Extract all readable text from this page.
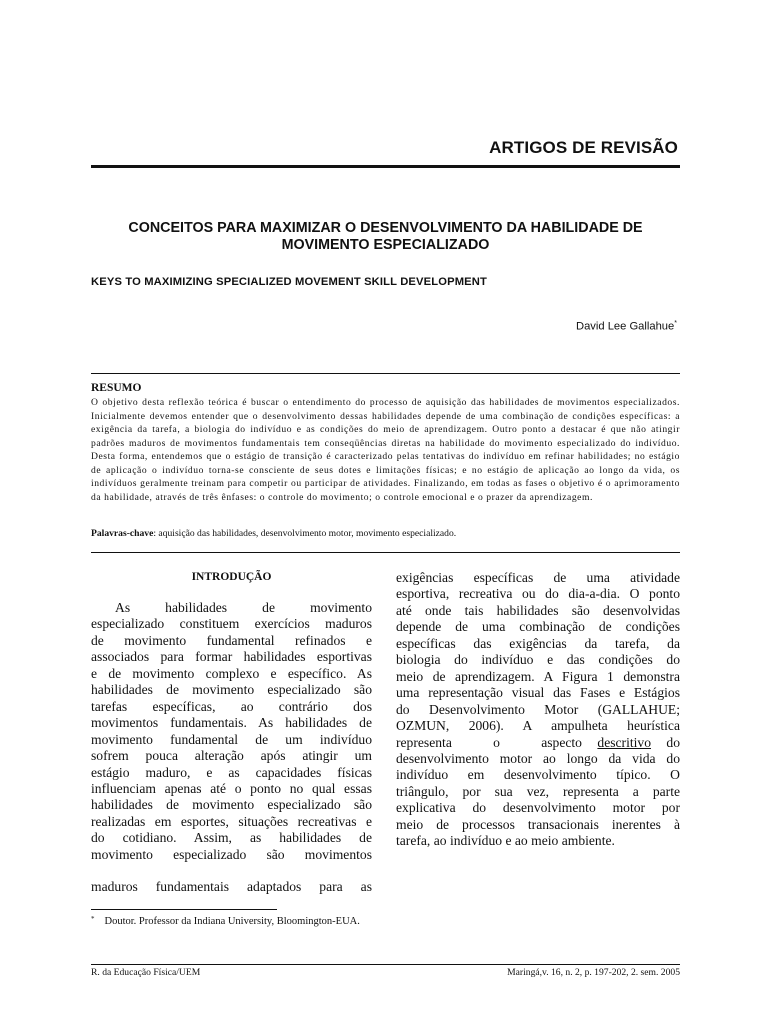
ARTIGOS DE REVISÃO
CONCEITOS PARA MAXIMIZAR O DESENVOLVIMENTO DA HABILIDADE DE MOVIMENTO ESPECIALIZADO
KEYS TO MAXIMIZING SPECIALIZED MOVEMENT SKILL DEVELOPMENT
David Lee Gallahue*
RESUMO
O objetivo desta reflexão teórica é buscar o entendimento do processo de aquisição das habilidades de movimentos especializados. Inicialmente devemos entender que o desenvolvimento dessas habilidades depende de uma combinação de condições específicas: a exigência da tarefa, a biologia do indivíduo e as condições do meio de aprendizagem. Outro ponto a destacar é que não atingir padrões maduros de movimentos fundamentais tem conseqüências diretas na habilidade do movimento especializado do indivíduo. Desta forma, entendemos que o estágio de transição é caracterizado pelas tentativas do indivíduo em refinar habilidades; no estágio de aplicação o indivíduo torna-se consciente de seus dotes e limitações físicas; e no estágio de aplicação ao longo da vida, os indivíduos geralmente treinam para competir ou participar de atividades. Finalizando, em todas as fases o objetivo é o aprimoramento da habilidade, através de três ênfases: o controle do movimento; o controle emocional e o prazer da aprendizagem.
Palavras-chave: aquisição das habilidades, desenvolvimento motor, movimento especializado.
INTRODUÇÃO
As habilidades de movimento
especializado constituem exercícios maduros
de movimento fundamental refinados e
associados para formar habilidades esportivas
e de movimento complexo e específico. As
habilidades de movimento especializado são
tarefas específicas, ao contrário dos
movimentos fundamentais. As habilidades de
movimento fundamental de um indivíduo
sofrem pouca alteração após atingir um
estágio maduro, e as capacidades físicas
influenciam apenas até o ponto no qual essas
habilidades de movimento especializado são
realizadas em esportes, situações recreativas e
do cotidiano. Assim, as habilidades de
movimento especializado são movimentos
maduros fundamentais adaptados para as
exigências específicas de uma atividade
esportiva, recreativa ou do dia-a-dia. O ponto
até onde tais habilidades são desenvolvidas
depende de uma combinação de condições
específicas das exigências da tarefa, da
biologia do indivíduo e das condições do
meio de aprendizagem. A Figura 1 demonstra
uma representação visual das Fases e Estágios
do Desenvolvimento Motor (GALLAHUE;
OZMUN, 2006). A ampulheta heurística
representa	o	aspecto descritivo do
desenvolvimento motor ao longo da vida do
indivíduo em desenvolvimento típico. O
triângulo, por sua vez, representa a parte
explicativa do desenvolvimento motor por
meio de processos transacionais inerentes à
tarefa, ao indivíduo e ao meio ambiente.
* Doutor. Professor da Indiana University, Bloomington-EUA.
R. da Educação Física/UEM	Maringá,v. 16, n. 2, p. 197-202, 2. sem. 2005
